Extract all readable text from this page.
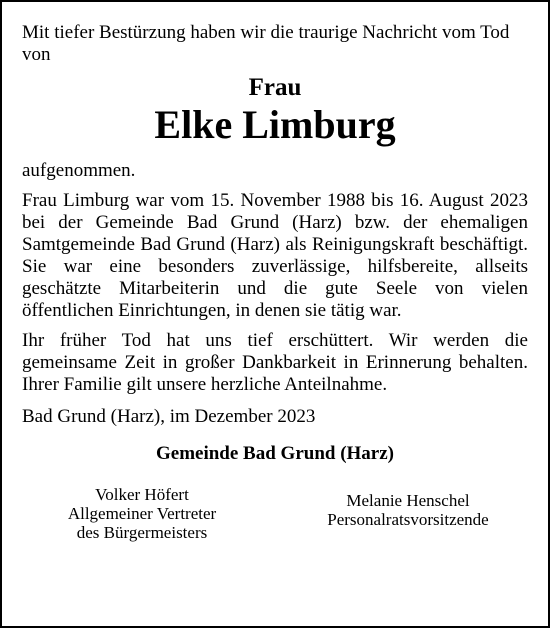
Mit tiefer Bestürzung haben wir die traurige Nachricht vom Tod von

Frau

Elke Limburg

aufgenommen.

Frau Limburg war vom 15. November 1988 bis 16. August 2023 bei der Gemeinde Bad Grund (Harz) bzw. der ehemaligen Samtgemeinde Bad Grund (Harz) als Reinigungskraft beschäftigt. Sie war eine besonders zuverlässige, hilfsbereite, allseits geschätzte Mitarbeiterin und die gute Seele von vielen öffentlichen Einrichtungen, in denen sie tätig war.

Ihr früher Tod hat uns tief erschüttert. Wir werden die gemeinsame Zeit in großer Dankbarkeit in Erinnerung behalten. Ihrer Familie gilt unsere herzliche Anteilnahme.

Bad Grund (Harz), im Dezember 2023

Gemeinde Bad Grund (Harz)

Volker Höfert
Allgemeiner Vertreter
des Bürgermeisters
Melanie Henschel
Personalratsvorsitzende
